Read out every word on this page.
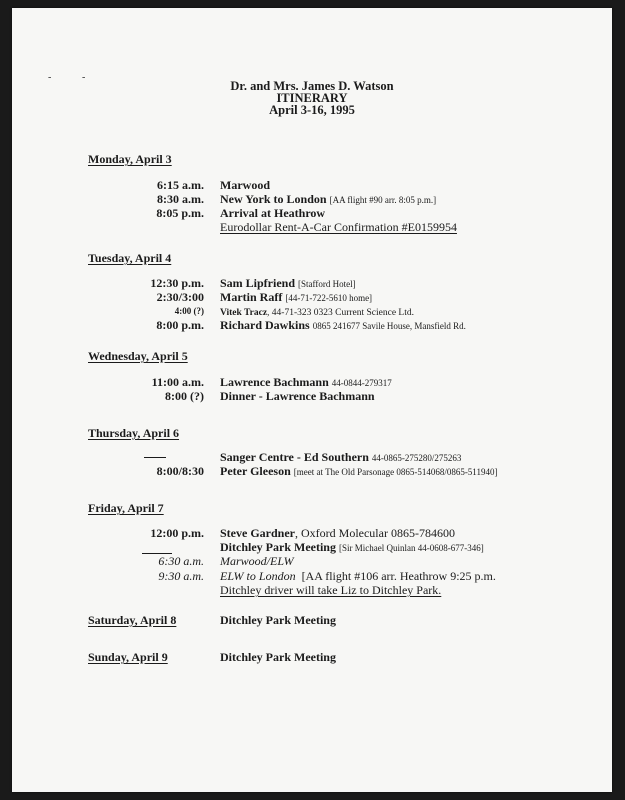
-	-
Dr. and Mrs. James D. Watson
ITINERARY
April 3-16, 1995
Monday, April 3
6:15 a.m. Marwood
8:30 a.m. New York to London [AA flight #90 arr. 8:05 p.m.]
8:05 p.m. Arrival at Heathrow
Eurodollar Rent-A-Car Confirmation #E0159954
Tuesday, April 4
12:30 p.m. Sam Lipfriend [Stafford Hotel]
2:30/3:00 Martin Raff [44-71-722-5610 home]
4:00 (?) Vitek Tracz, 44-71-323 0323 Current Science Ltd.
8:00 p.m. Richard Dawkins 0865 241677 Savile House, Mansfield Rd.
Wednesday, April 5
11:00 a.m. Lawrence Bachmann 44-0844-279317
8:00 (?) Dinner - Lawrence Bachmann
Thursday, April 6
Sanger Centre - Ed Southern 44-0865-275280/275263
8:00/8:30 Peter Gleeson [meet at The Old Parsonage 0865-514068/0865-511940]
Friday, April 7
12:00 p.m. Steve Gardner, Oxford Molecular 0865-784600
Ditchley Park Meeting [Sir Michael Quinlan 44-0608-677-346]
6:30 a.m. Marwood/ELW
9:30 a.m. ELW to London [AA flight #106 arr. Heathrow 9:25 p.m.
Ditchley driver will take Liz to Ditchley Park.
Saturday, April 8	Ditchley Park Meeting
Sunday, April 9	Ditchley Park Meeting
